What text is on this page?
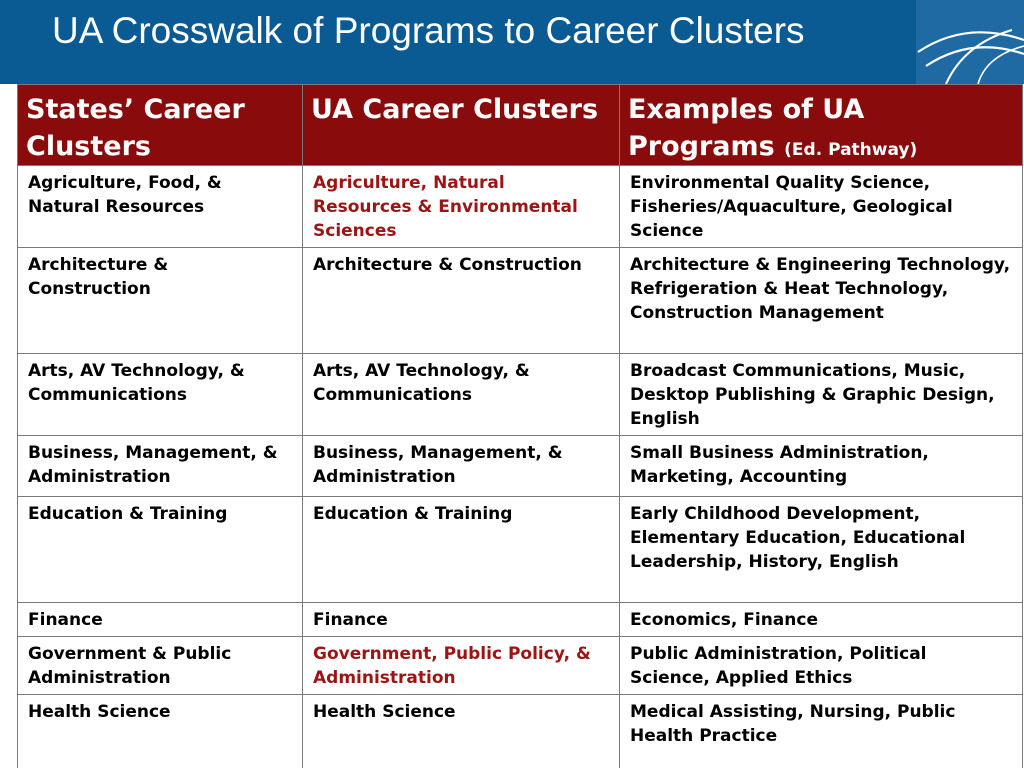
UA Crosswalk of Programs to Career Clusters
States’ Career Clusters	UA Career Clusters	Examples of UA Programs (Ed. Pathway)
Agriculture, Food, & Natural Resources	Agriculture, Natural Resources & Environmental Sciences	Environmental Quality Science, Fisheries/Aquaculture, Geological Science
Architecture & Construction	Architecture & Construction	Architecture & Engineering Technology, Refrigeration & Heat Technology, Construction Management
Arts, AV Technology, & Communications	Arts, AV Technology, & Communications	Broadcast Communications, Music, Desktop Publishing & Graphic Design, English
Business, Management, & Administration	Business, Management, & Administration	Small Business Administration, Marketing, Accounting
Education & Training	Education & Training	Early Childhood Development, Elementary Education, Educational Leadership, History, English
Finance	Finance	Economics, Finance
Government & Public Administration	Government, Public Policy, & Administration	Public Administration, Political Science, Applied Ethics
Health Science	Health Science	Medical Assisting, Nursing, Public Health Practice
